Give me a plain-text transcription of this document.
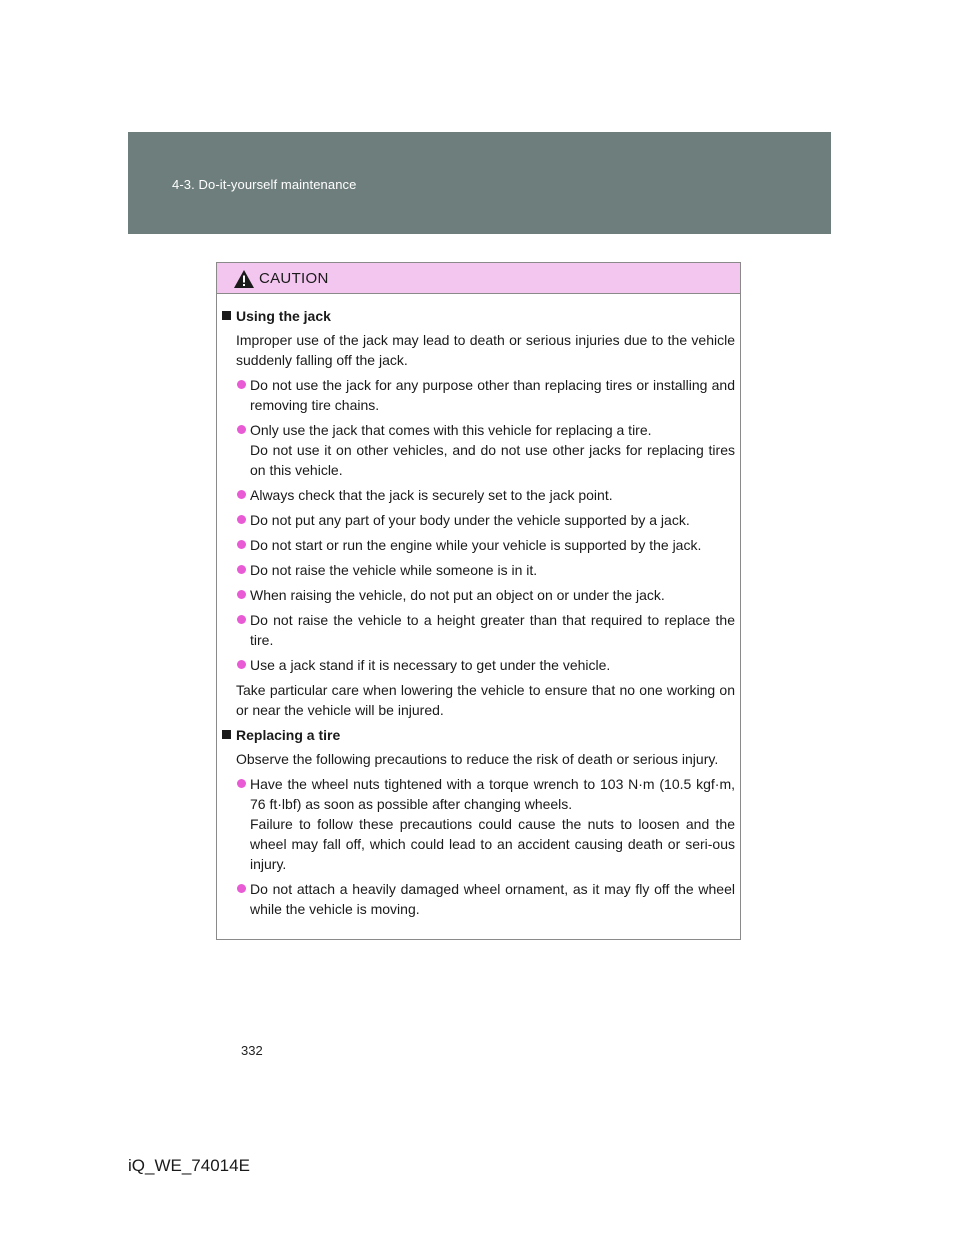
4-3. Do-it-yourself maintenance
CAUTION
Using the jack
Improper use of the jack may lead to death or serious injuries due to the vehicle suddenly falling off the jack.

Do not use the jack for any purpose other than replacing tires or installing and removing tire chains.

Only use the jack that comes with this vehicle for replacing a tire.

Do not use it on other vehicles, and do not use other jacks for replacing tires on this vehicle.

Always check that the jack is securely set to the jack point.

Do not put any part of your body under the vehicle supported by a jack.

Do not start or run the engine while your vehicle is supported by the jack.

Do not raise the vehicle while someone is in it.

When raising the vehicle, do not put an object on or under the jack.

Do not raise the vehicle to a height greater than that required to replace the tire.

Use a jack stand if it is necessary to get under the vehicle.

Take particular care when lowering the vehicle to ensure that no one working on or near the vehicle will be injured.
Replacing a tire
Observe the following precautions to reduce the risk of death or serious injury.

Have the wheel nuts tightened with a torque wrench to 103 N·m (10.5 kgf·m, 76 ft·lbf) as soon as possible after changing wheels.

Failure to follow these precautions could cause the nuts to loosen and the wheel may fall off, which could lead to an accident causing death or seri-ous injury.

Do not attach a heavily damaged wheel ornament, as it may fly off the wheel while the vehicle is moving.

332
iQ_WE_74014E
